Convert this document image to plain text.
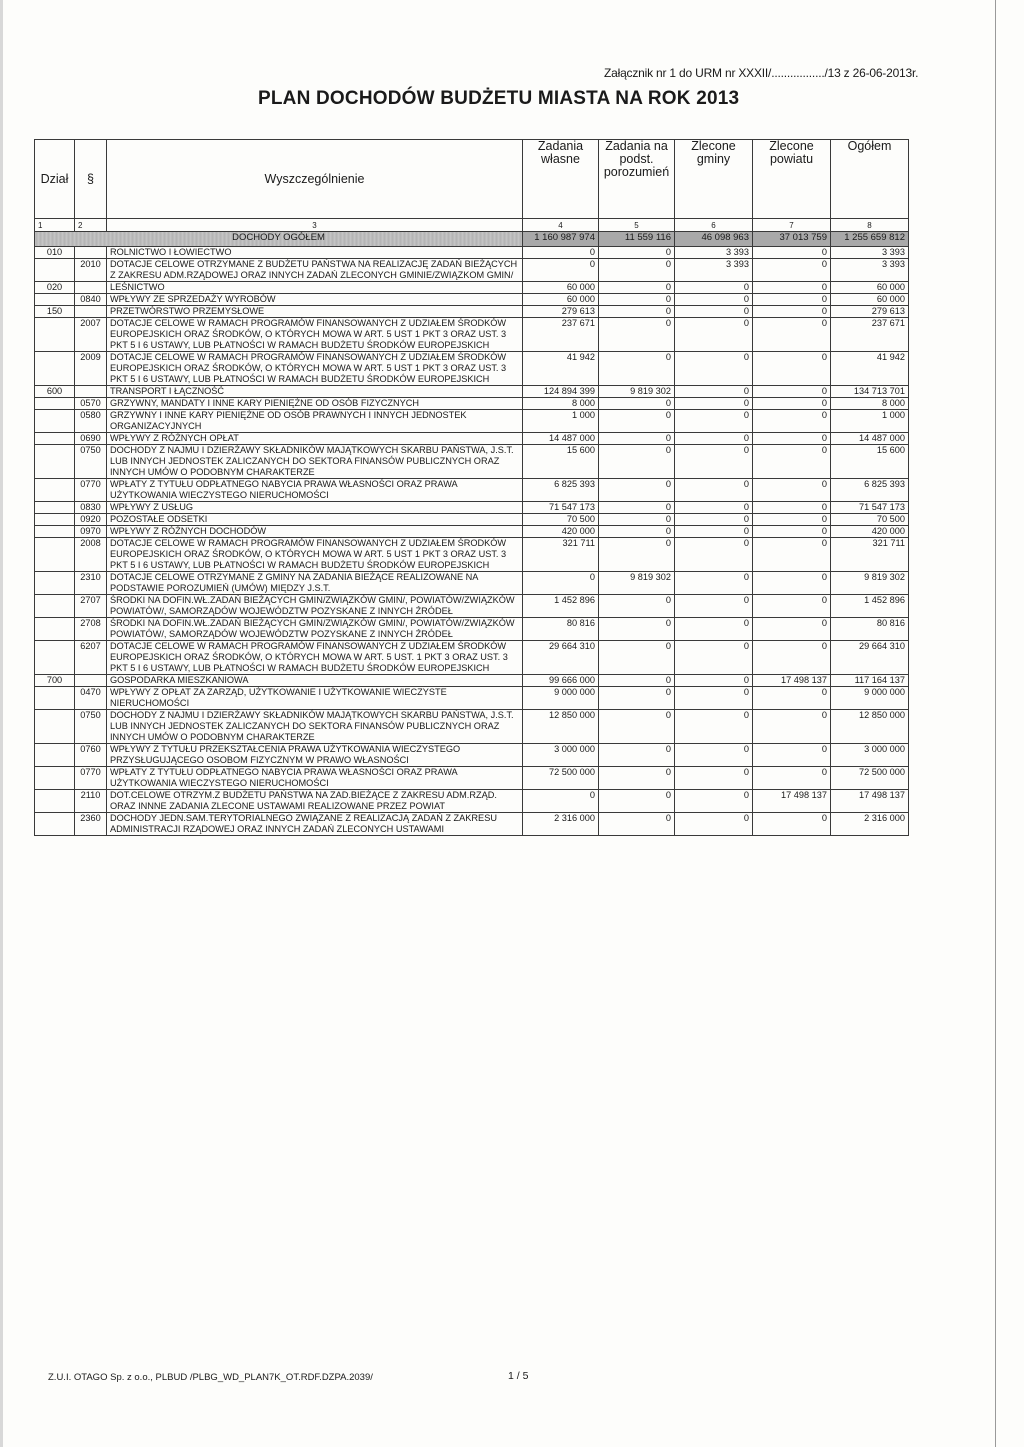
Załącznik nr 1 do URM nr XXXII/................./13 z 26-06-2013r.
PLAN DOCHODÓW BUDŻETU MIASTA NA ROK 2013
Dział	§	Wyszczególnienie	Zadania własne	Zadania na podst. porozumień	Zlecone gminy	Zlecone powiatu	Ogółem
1	2	3	4	5	6	7	8
DOCHODY OGÓŁEM			1 160 987 974	11 559 116	46 098 963	37 013 759	1 255 659 812
010		ROLNICTWO I ŁOWIECTWO	0	0	3 393	0	3 393
	2010	DOTACJE CELOWE OTRZYMANE Z BUDŻETU PAŃSTWA NA REALIZACJĘ ZADAŃ BIEŻĄCYCH Z ZAKRESU ADM.RZĄDOWEJ ORAZ INNYCH ZADAŃ ZLECONYCH GMINIE/ZWIĄZKOM GMIN/	0	0	3 393	0	3 393
020		LEŚNICTWO	60 000	0	0	0	60 000
	0840	WPŁYWY ZE SPRZEDAŻY WYROBÓW	60 000	0	0	0	60 000
150		PRZETWÓRSTWO PRZEMYSŁOWE	279 613	0	0	0	279 613
	2007	DOTACJE CELOWE W RAMACH PROGRAMÓW FINANSOWANYCH Z UDZIAŁEM ŚRODKÓW EUROPEJSKICH ORAZ ŚRODKÓW, O KTÓRYCH MOWA W ART. 5 UST 1 PKT 3 ORAZ UST. 3 PKT 5 I 6 USTAWY, LUB PŁATNOŚCI W RAMACH BUDŻETU ŚRODKÓW EUROPEJSKICH	237 671	0	0	0	237 671
	2009	DOTACJE CELOWE W RAMACH PROGRAMÓW FINANSOWANYCH Z UDZIAŁEM ŚRODKÓW EUROPEJSKICH ORAZ ŚRODKÓW, O KTÓRYCH MOWA W ART. 5 UST 1 PKT 3 ORAZ UST. 3 PKT 5 I 6 USTAWY, LUB PŁATNOŚCI W RAMACH BUDŻETU ŚRODKÓW EUROPEJSKICH	41 942	0	0	0	41 942
600		TRANSPORT I ŁĄCZNOŚĆ	124 894 399	9 819 302	0	0	134 713 701
	0570	GRZYWNY, MANDATY I INNE KARY PIENIĘŻNE OD OSÓB FIZYCZNYCH	8 000	0	0	0	8 000
	0580	GRZYWNY I INNE KARY PIENIĘŻNE OD OSÓB PRAWNYCH I INNYCH JEDNOSTEK ORGANIZACYJNYCH	1 000	0	0	0	1 000
	0690	WPŁYWY Z RÓŻNYCH OPŁAT	14 487 000	0	0	0	14 487 000
	0750	DOCHODY Z NAJMU I DZIERŻAWY SKŁADNIKÓW MAJĄTKOWYCH SKARBU PAŃSTWA, J.S.T. LUB INNYCH JEDNOSTEK ZALICZANYCH DO SEKTORA FINANSÓW PUBLICZNYCH ORAZ INNYCH UMÓW O PODOBNYM CHARAKTERZE	15 600	0	0	0	15 600
	0770	WPŁATY Z TYTUŁU ODPŁATNEGO NABYCIA PRAWA WŁASNOŚCI ORAZ PRAWA UŻYTKOWANIA WIECZYSTEGO NIERUCHOMOŚCI	6 825 393	0	0	0	6 825 393
	0830	WPŁYWY Z USŁUG	71 547 173	0	0	0	71 547 173
	0920	POZOSTAŁE ODSETKI	70 500	0	0	0	70 500
	0970	WPŁYWY Z RÓŻNYCH DOCHODÓW	420 000	0	0	0	420 000
	2008	DOTACJE CELOWE W RAMACH PROGRAMÓW FINANSOWANYCH Z UDZIAŁEM ŚRODKÓW EUROPEJSKICH ORAZ ŚRODKÓW, O KTÓRYCH MOWA W ART. 5 UST 1 PKT 3 ORAZ UST. 3 PKT 5 I 6 USTAWY, LUB PŁATNOŚCI W RAMACH BUDŻETU ŚRODKÓW EUROPEJSKICH	321 711	0	0	0	321 711
	2310	DOTACJE CELOWE OTRZYMANE Z GMINY NA ZADANIA BIEŻĄCE REALIZOWANE NA PODSTAWIE POROZUMIEŃ (UMÓW) MIĘDZY J.S.T.	0	9 819 302	0	0	9 819 302
	2707	ŚRODKI NA DOFIN.WŁ.ZADAŃ BIEŻĄCYCH GMIN/ZWIĄZKÓW GMIN/, POWIATÓW/ZWIĄZKÓW POWIATÓW/, SAMORZĄDÓW WOJEWÓDZTW POZYSKANE Z INNYCH ŹRÓDEŁ	1 452 896	0	0	0	1 452 896
	2708	ŚRODKI NA DOFIN.WŁ.ZADAŃ BIEŻĄCYCH GMIN/ZWIĄZKÓW GMIN/, POWIATÓW/ZWIĄZKÓW POWIATÓW/, SAMORZĄDÓW WOJEWÓDZTW POZYSKANE Z INNYCH ŹRÓDEŁ	80 816	0	0	0	80 816
	6207	DOTACJE CELOWE W RAMACH PROGRAMÓW FINANSOWANYCH Z UDZIAŁEM ŚRODKÓW EUROPEJSKICH ORAZ ŚRODKÓW, O KTÓRYCH MOWA W ART. 5 UST. 1 PKT 3 ORAZ UST. 3 PKT 5 I 6 USTAWY, LUB PŁATNOŚCI W RAMACH BUDŻETU ŚRODKÓW EUROPEJSKICH	29 664 310	0	0	0	29 664 310
700		GOSPODARKA MIESZKANIOWA	99 666 000	0	0	17 498 137	117 164 137
	0470	WPŁYWY Z OPŁAT ZA ZARZĄD, UŻYTKOWANIE I UŻYTKOWANIE WIECZYSTE NIERUCHOMOŚCI	9 000 000	0	0	0	9 000 000
	0750	DOCHODY Z NAJMU I DZIERŻAWY SKŁADNIKÓW MAJĄTKOWYCH SKARBU PAŃSTWA, J.S.T. LUB INNYCH JEDNOSTEK ZALICZANYCH DO SEKTORA FINANSÓW PUBLICZNYCH ORAZ INNYCH UMÓW O PODOBNYM CHARAKTERZE	12 850 000	0	0	0	12 850 000
	0760	WPŁYWY Z TYTUŁU PRZEKSZTAŁCENIA PRAWA UŻYTKOWANIA WIECZYSTEGO PRZYSŁUGUJĄCEGO OSOBOM FIZYCZNYM W PRAWO WŁASNOŚCI	3 000 000	0	0	0	3 000 000
	0770	WPŁATY Z TYTUŁU ODPŁATNEGO NABYCIA PRAWA WŁASNOŚCI ORAZ PRAWA UŻYTKOWANIA WIECZYSTEGO NIERUCHOMOŚCI	72 500 000	0	0	0	72 500 000
	2110	DOT.CELOWE OTRZYM.Z BUDŻETU PAŃSTWA NA ZAD.BIEŻĄCE Z ZAKRESU ADM.RZĄD. ORAZ INNNE ZADANIA ZLECONE USTAWAMI REALIZOWANE PRZEZ POWIAT	0	0	0	17 498 137	17 498 137
	2360	DOCHODY JEDN.SAM.TERYTORIALNEGO ZWIĄZANE Z REALIZACJĄ ZADAŃ Z ZAKRESU ADMINISTRACJI RZĄDOWEJ ORAZ INNYCH ZADAŃ ZLECONYCH USTAWAMI	2 316 000	0	0	0	2 316 000
Z.U.I. OTAGO Sp. z o.o., PLBUD /PLBG_WD_PLAN7K_OT.RDF.DZPA.2039/	1 / 5
